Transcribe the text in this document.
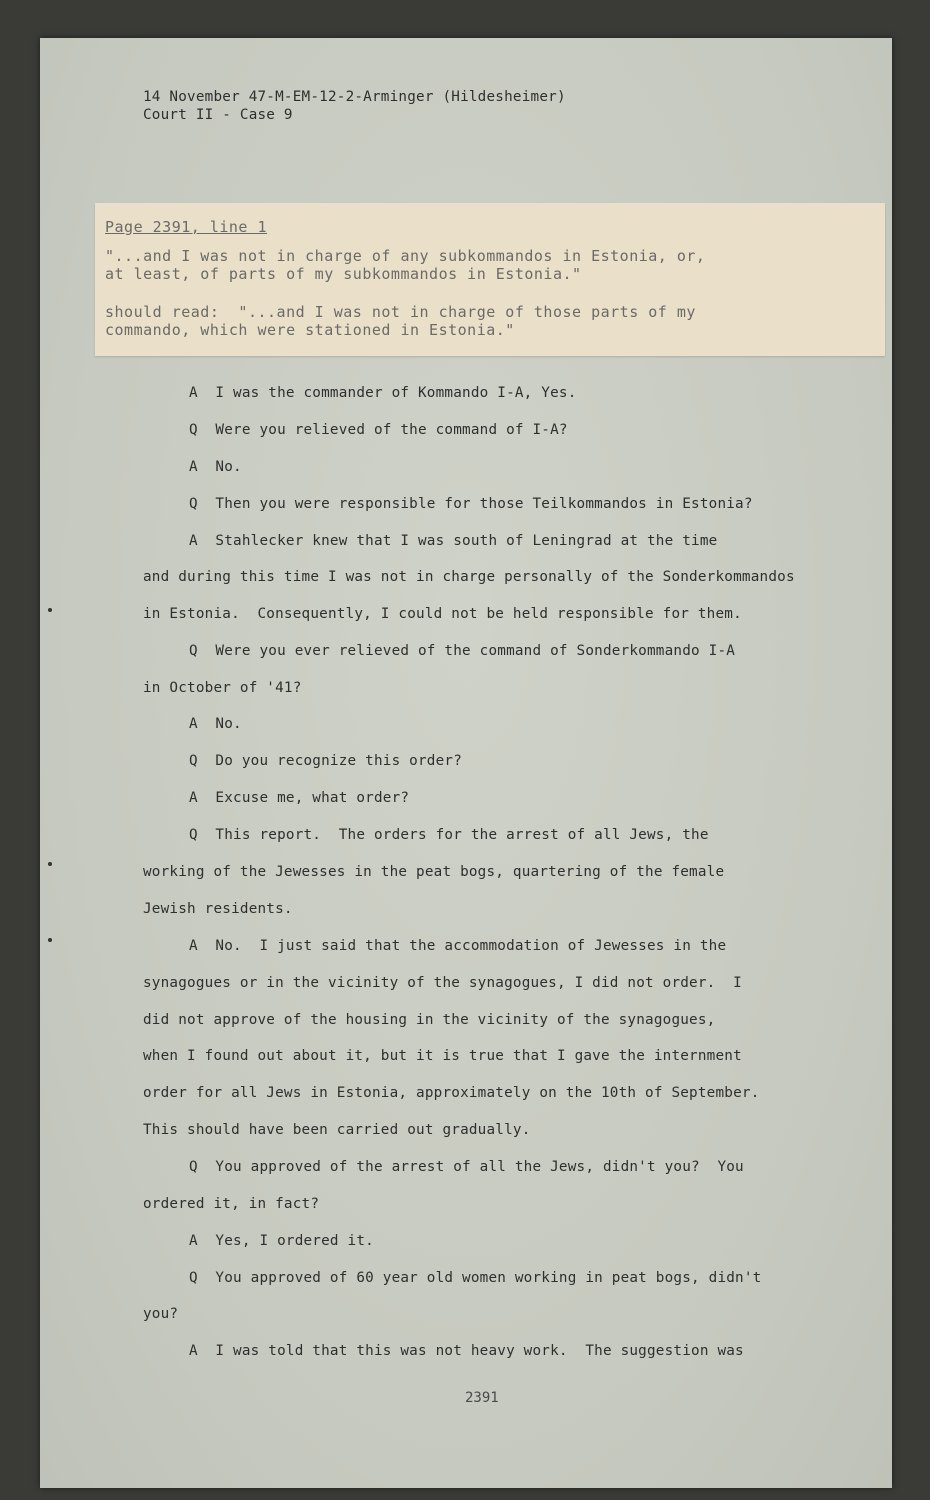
14 November 47-M-EM-12-2-Arminger (Hildesheimer)
Court II - Case 9
Page 2391, line 1
"...and I was not in charge of any subkommandos in Estonia, or,
at least, of parts of my subkommandos in Estonia."
should read:  "...and I was not in charge of those parts of my
commando, which were stationed in Estonia."
A  I was the commander of Kommando I-A, Yes.
Q  Were you relieved of the command of I-A?
A  No.
Q  Then you were responsible for those Teilkommandos in Estonia?
A  Stahlecker knew that I was south of Leningrad at the time
and during this time I was not in charge personally of the Sonderkommandos
in Estonia.  Consequently, I could not be held responsible for them.
Q  Were you ever relieved of the command of Sonderkommando I-A
in October of '41?
A  No.
Q  Do you recognize this order?
A  Excuse me, what order?
Q  This report.  The orders for the arrest of all Jews, the
working of the Jewesses in the peat bogs, quartering of the female
Jewish residents.
A  No.  I just said that the accommodation of Jewesses in the
synagogues or in the vicinity of the synagogues, I did not order.  I
did not approve of the housing in the vicinity of the synagogues,
when I found out about it, but it is true that I gave the internment
order for all Jews in Estonia, approximately on the 10th of September.
This should have been carried out gradually.
Q  You approved of the arrest of all the Jews, didn't you?  You
ordered it, in fact?
A  Yes, I ordered it.
Q  You approved of 60 year old women working in peat bogs, didn't
you?
A  I was told that this was not heavy work.  The suggestion was
2391
